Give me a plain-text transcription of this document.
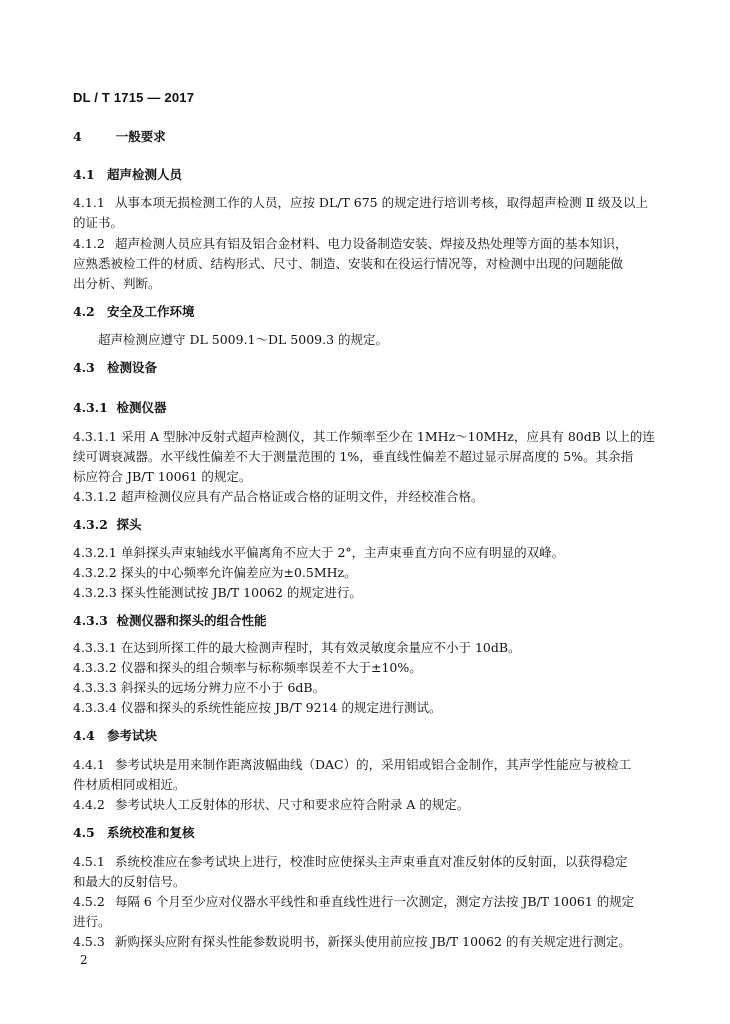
DL / T 1715 — 2017
4	一般要求
4.1 超声检测人员
4.1.1 从事本项无损检测工作的人员，应按 DL/T 675 的规定进行培训考核，取得超声检测 Ⅱ 级及以上
的证书。
4.1.2 超声检测人员应具有铝及铝合金材料、电力设备制造安装、焊接及热处理等方面的基本知识，
应熟悉被检工件的材质、结构形式、尺寸、制造、安装和在役运行情况等，对检测中出现的问题能做
出分析、判断。
4.2 安全及工作环境
超声检测应遵守 DL 5009.1～DL 5009.3 的规定。
4.3 检测设备
4.3.1 检测仪器
4.3.1.1 采用 A 型脉冲反射式超声检测仪，其工作频率至少在 1MHz～10MHz，应具有 80dB 以上的连
续可调衰减器。水平线性偏差不大于测量范围的 1%，垂直线性偏差不超过显示屏高度的 5%。其余指
标应符合 JB/T 10061 的规定。
4.3.1.2 超声检测仪应具有产品合格证或合格的证明文件，并经校准合格。
4.3.2 探头
4.3.2.1 单斜探头声束轴线水平偏离角不应大于 2°，主声束垂直方向不应有明显的双峰。
4.3.2.2 探头的中心频率允许偏差应为±0.5MHz。
4.3.2.3 探头性能测试按 JB/T 10062 的规定进行。
4.3.3 检测仪器和探头的组合性能
4.3.3.1 在达到所探工件的最大检测声程时，其有效灵敏度余量应不小于 10dB。
4.3.3.2 仪器和探头的组合频率与标称频率误差不大于±10%。
4.3.3.3 斜探头的远场分辨力应不小于 6dB。
4.3.3.4 仪器和探头的系统性能应按 JB/T 9214 的规定进行测试。
4.4 参考试块
4.4.1 参考试块是用来制作距离波幅曲线（DAC）的，采用铝或铝合金制作，其声学性能应与被检工
件材质相同或相近。
4.4.2 参考试块人工反射体的形状、尺寸和要求应符合附录 A 的规定。
4.5 系统校准和复核
4.5.1 系统校准应在参考试块上进行，校准时应使探头主声束垂直对准反射体的反射面，以获得稳定
和最大的反射信号。
4.5.2 每隔 6 个月至少应对仪器水平线性和垂直线性进行一次测定，测定方法按 JB/T 10061 的规定
进行。
4.5.3 新购探头应附有探头性能参数说明书，新探头使用前应按 JB/T 10062 的有关规定进行测定。
2
